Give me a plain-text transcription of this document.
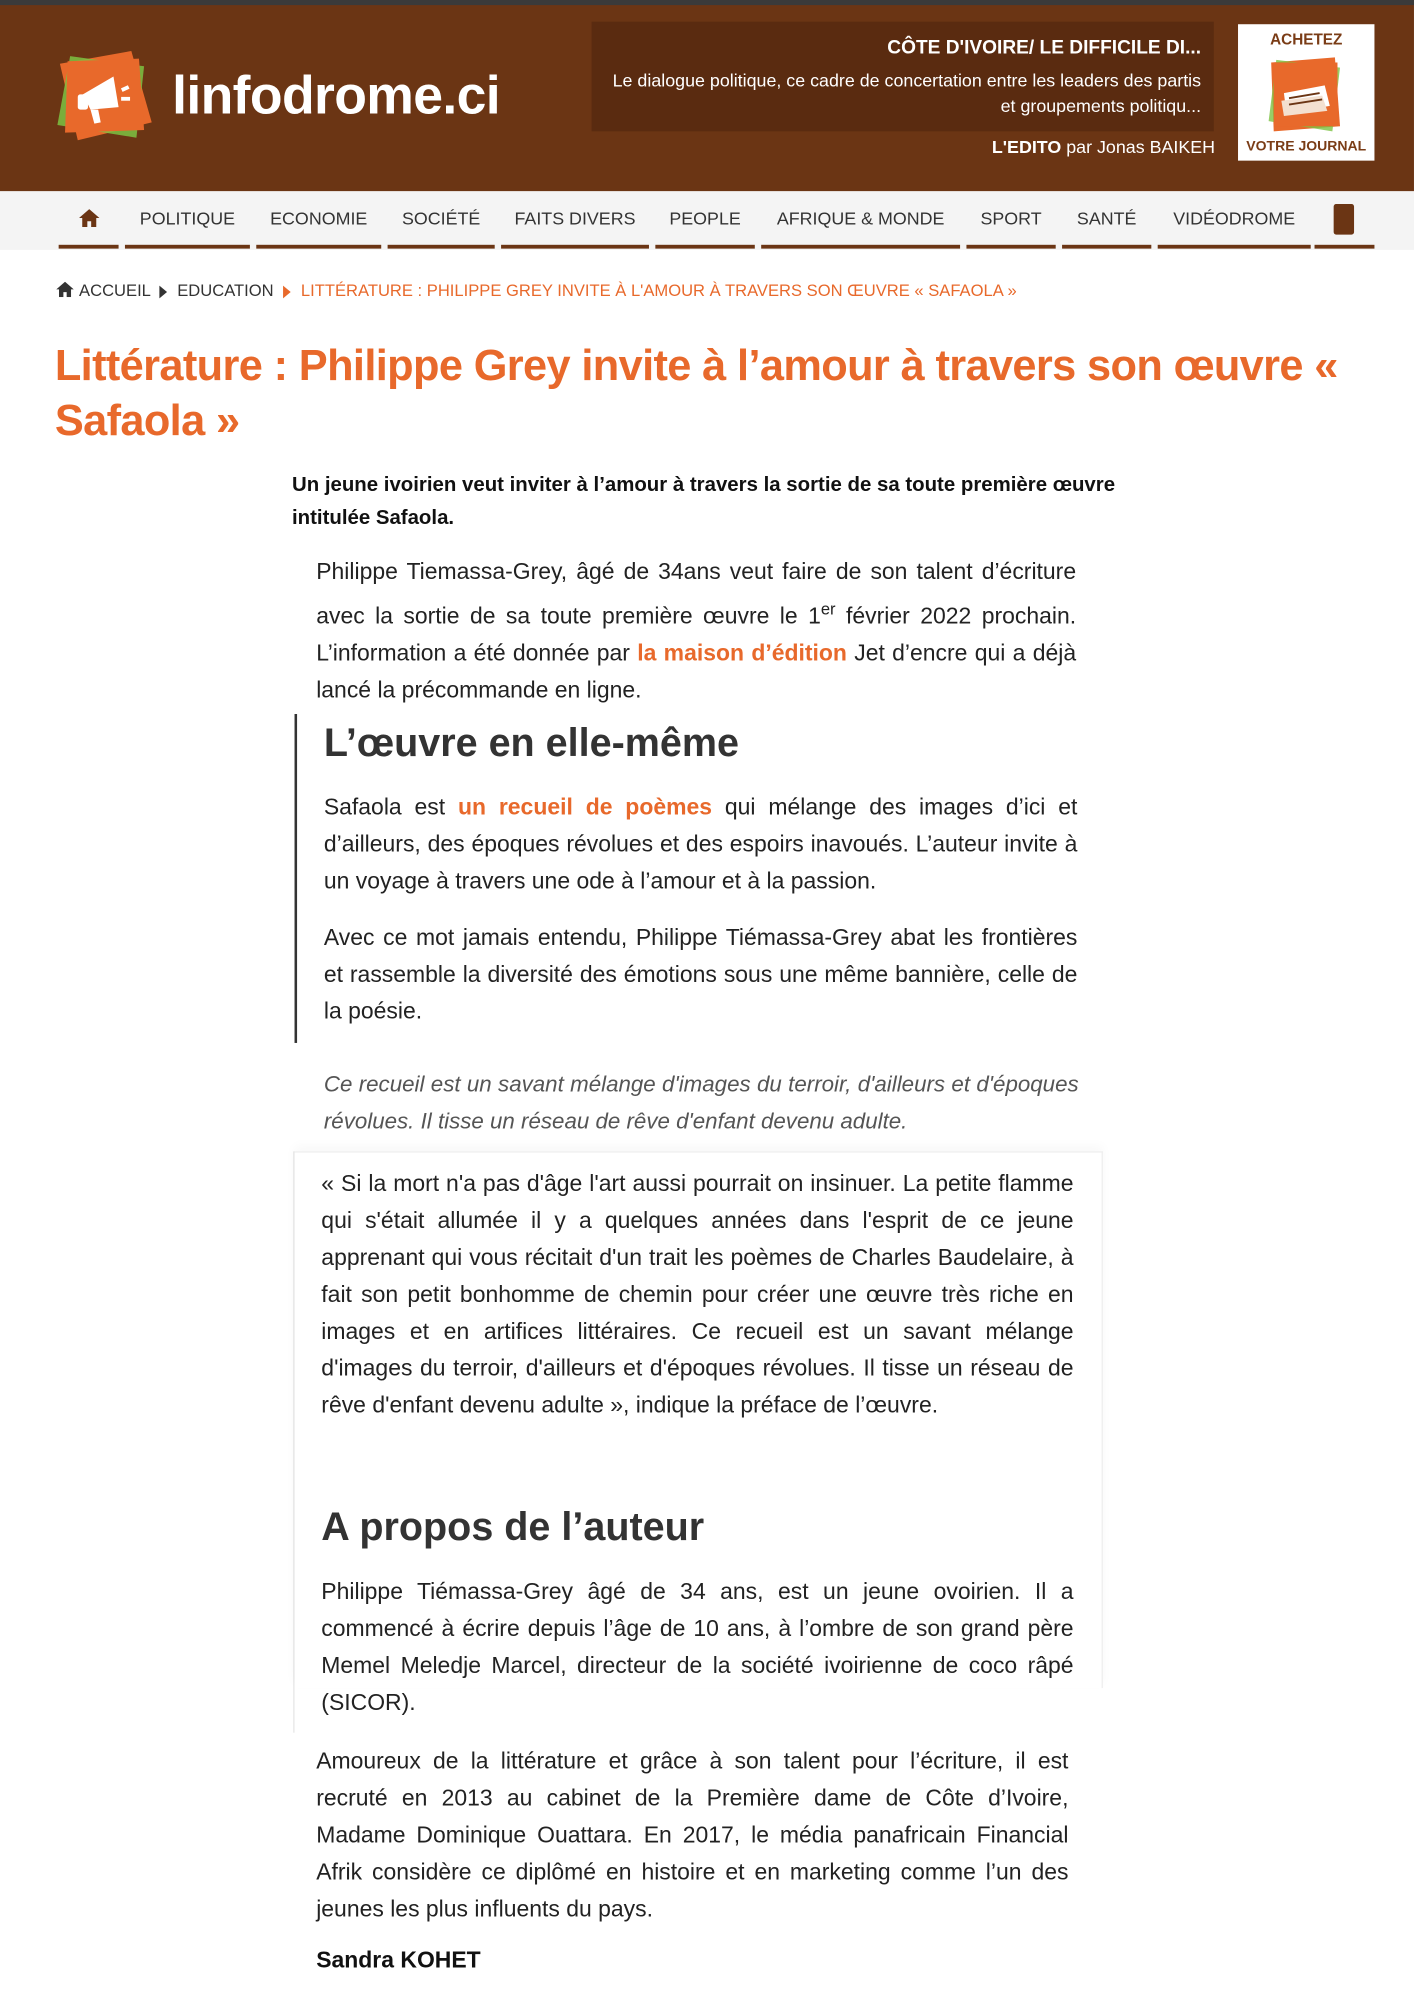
linfodrome.ci
CÔTE D'IVOIRE/ LE DIFFICILE DI...
Le dialogue politique, ce cadre de concertation entre les leaders des partis et groupements politiqu...
L'EDITO par Jonas BAIKEH
ACHETEZ
VOTRE JOURNAL
POLITIQUE	ECONOMIE	SOCIÉTÉ	FAITS DIVERS	PEOPLE	AFRIQUE & MONDE	SPORT	SANTÉ	VIDÉODROME
ACCUEIL EDUCATION LITTÉRATURE : PHILIPPE GREY INVITE À L'AMOUR À TRAVERS SON ŒUVRE « SAFAOLA »
Littérature : Philippe Grey invite à l’amour à travers son œuvre « Safaola »
Un jeune ivoirien veut inviter à l’amour à travers la sortie de sa toute première œuvre intitulée Safaola.
Philippe Tiemassa-Grey, âgé de 34ans veut faire de son talent d’écriture avec la sortie de sa toute première œuvre le 1er février 2022 prochain. L’information a été donnée par la maison d’édition Jet d’encre qui a déjà lancé la précommande en ligne.
L’œuvre en elle-même
Safaola est un recueil de poèmes qui mélange des images d’ici et d’ailleurs, des époques révolues et des espoirs inavoués. L’auteur invite à un voyage à travers une ode à l’amour et à la passion.
Avec ce mot jamais entendu, Philippe Tiémassa-Grey abat les frontières et rassemble la diversité des émotions sous une même bannière, celle de la poésie.
Ce recueil est un savant mélange d'images du terroir, d'ailleurs et d'époques révolues. Il tisse un réseau de rêve d'enfant devenu adulte.
« Si la mort n'a pas d'âge l'art aussi pourrait on insinuer. La petite flamme qui s'était allumée il y a quelques années dans l'esprit de ce jeune apprenant qui vous récitait d'un trait les poèmes de Charles Baudelaire, à fait son petit bonhomme de chemin pour créer une œuvre très riche en images et en artifices littéraires. Ce recueil est un savant mélange d'images du terroir, d'ailleurs et d'époques révolues. Il tisse un réseau de rêve d'enfant devenu adulte », indique la préface de l’œuvre.
A propos de l’auteur
Philippe Tiémassa-Grey âgé de 34 ans, est un jeune ovoirien. Il a commencé à écrire depuis l’âge de 10 ans, à l’ombre de son grand père Memel Meledje Marcel, directeur de la société ivoirienne de coco râpé (SICOR).
Amoureux de la littérature et grâce à son talent pour l’écriture, il est recruté en 2013 au cabinet de la Première dame de Côte d’Ivoire, Madame Dominique Ouattara. En 2017, le média panafricain Financial Afrik considère ce diplômé en histoire et en marketing comme l’un des jeunes les plus influents du pays.
Sandra KOHET
